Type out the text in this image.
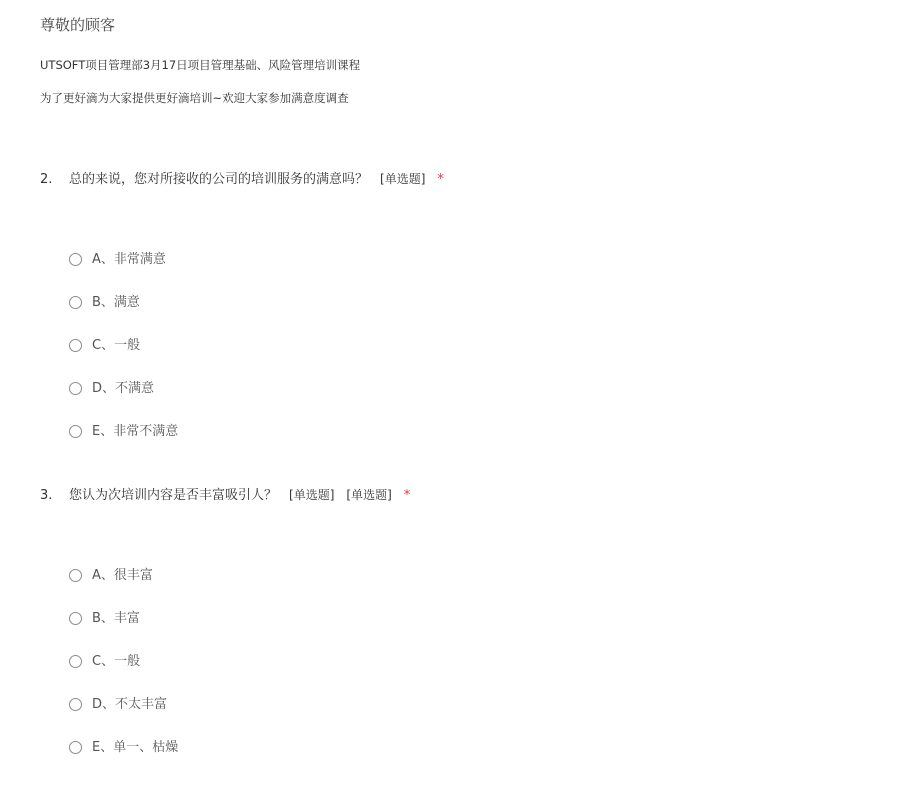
尊敬的顾客
UTSOFT项目管理部3月17日项目管理基础、风险管理培训课程
为了更好滴为大家提供更好滴培训~欢迎大家参加满意度调查
2. 总的来说，您对所接收的公司的培训服务的满意吗？ [单选题] *
A、非常满意
B、满意
C、一般
D、不满意
E、非常不满意
3. 您认为次培训内容是否丰富吸引人？ [单选题] [单选题] *
A、很丰富
B、丰富
C、一般
D、不太丰富
E、单一、枯燥
